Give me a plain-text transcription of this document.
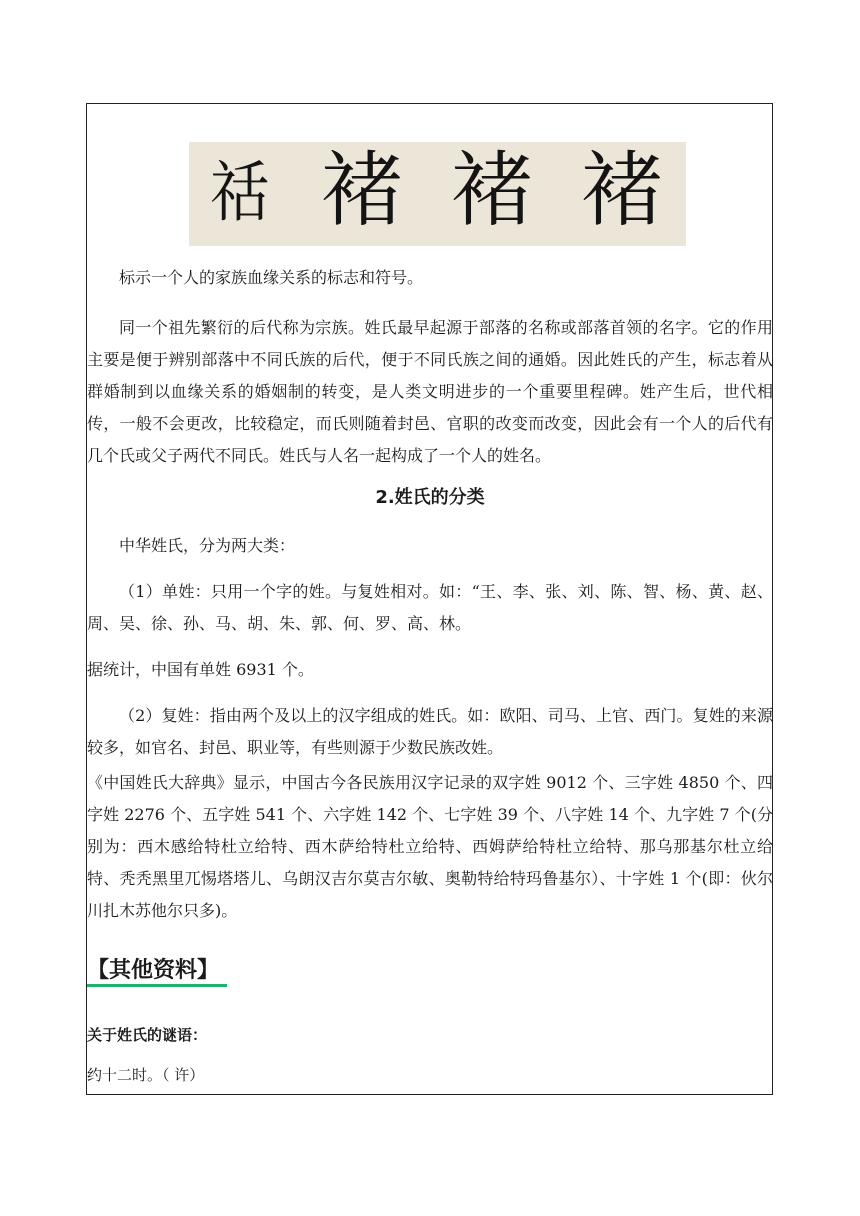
䄆 褚 褚 褚

标示一个人的家族血缘关系的标志和符号。

同一个祖先繁衍的后代称为宗族。姓氏最早起源于部落的名称或部落首领的名字。它的作用主要是便于辨别部落中不同氏族的后代，便于不同氏族之间的通婚。因此姓氏的产生，标志着从群婚制到以血缘关系的婚姻制的转变，是人类文明进步的一个重要里程碑。姓产生后，世代相传，一般不会更改，比较稳定，而氏则随着封邑、官职的改变而改变，因此会有一个人的后代有几个氏或父子两代不同氏。姓氏与人名一起构成了一个人的姓名。

2.姓氏的分类

中华姓氏，分为两大类：

（1）单姓：只用一个字的姓。与复姓相对。如：“王、李、张、刘、陈、智、杨、黄、赵、周、吴、徐、孙、马、胡、朱、郭、何、罗、高、林。

据统计，中国有单姓 6931 个。

（2）复姓：指由两个及以上的汉字组成的姓氏。如：欧阳、司马、上官、西门。复姓的来源较多，如官名、封邑、职业等，有些则源于少数民族改姓。

《中国姓氏大辞典》显示，中国古今各民族用汉字记录的双字姓 9012 个、三字姓 4850 个、四字姓 2276 个、五字姓 541 个、六字姓 142 个、七字姓 39 个、八字姓 14 个、九字姓 7 个(分别为：西木感给特杜立给特、西木萨给特杜立给特、西姆萨给特杜立给特、那乌那基尔杜立给特、秃秃黑里兀惕塔塔儿、乌朗汉吉尔莫吉尔敏、奥勒特给特玛鲁基尔）、十字姓 1 个(即：伙尔川扎木苏他尔只多)。

【其他资料】
关于姓氏的谜语：
约十二时。（ 许）
